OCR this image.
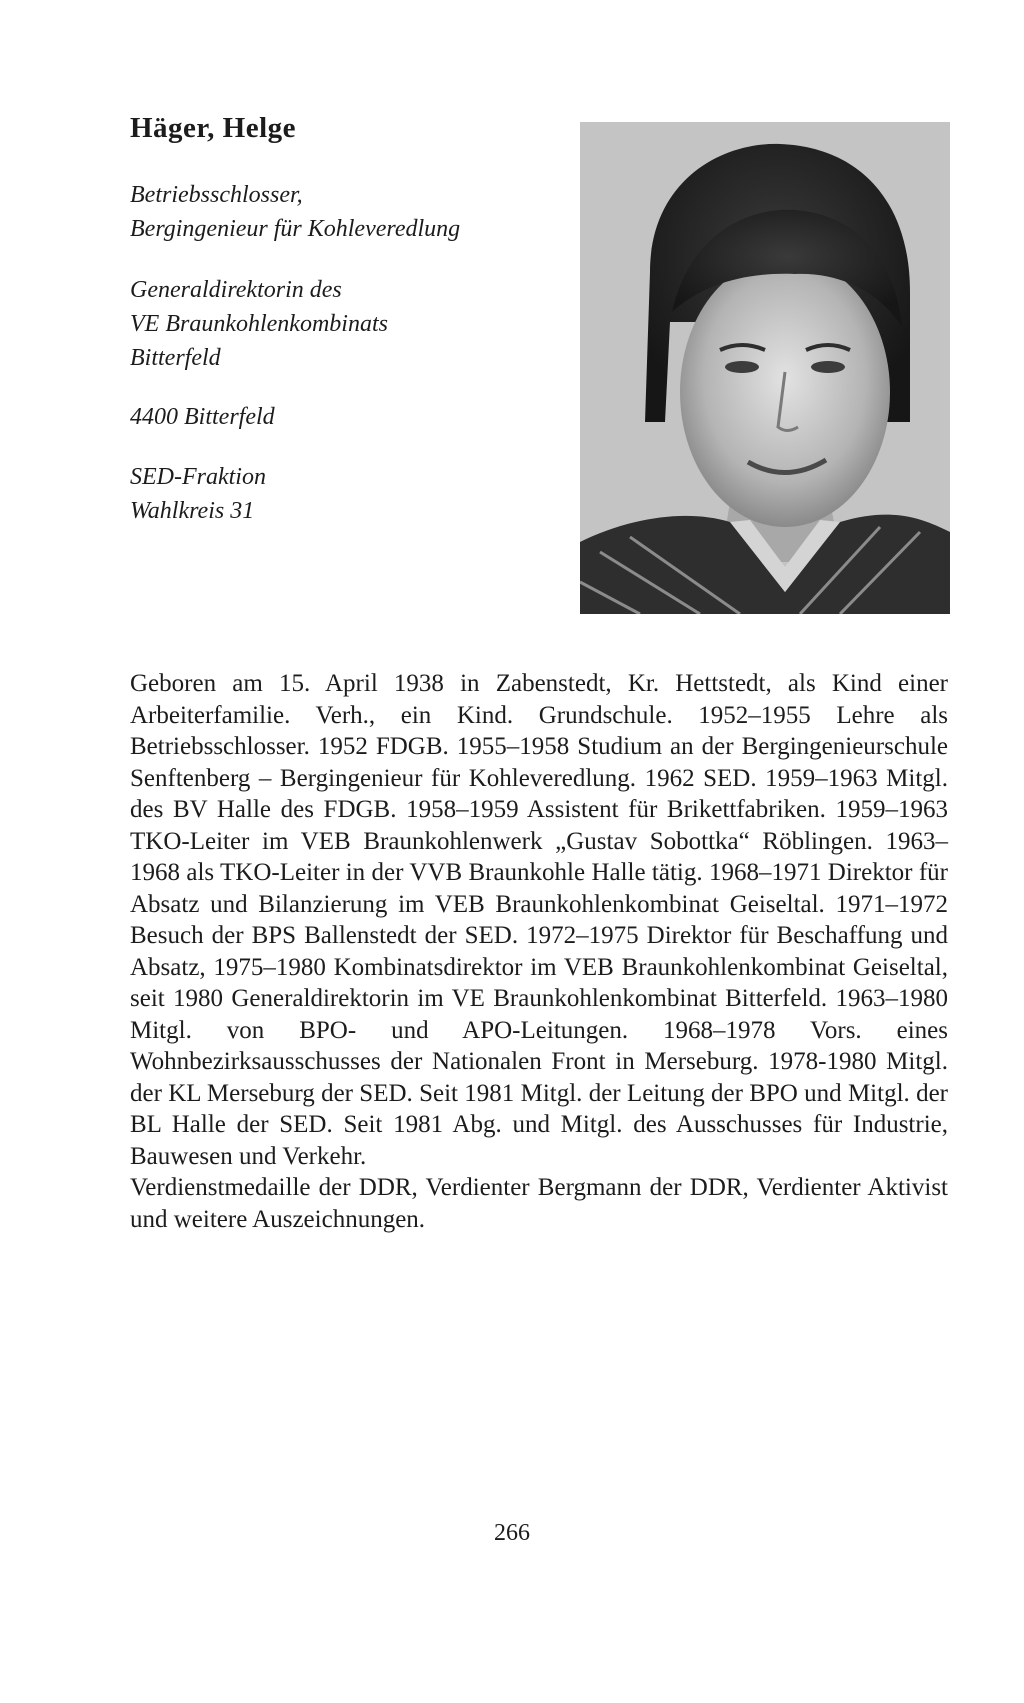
Häger, Helge
Betriebsschlosser,
Bergingenieur für Kohleveredlung
Generaldirektorin des
VE Braunkohlenkombinats
Bitterfeld
4400 Bitterfeld
SED-Fraktion
Wahlkreis 31

Geboren am 15. April 1938 in Zabenstedt, Kr. Hettstedt, als Kind einer Arbeiterfamilie. Verh., ein Kind. Grundschule. 1952–1955 Lehre als Betriebsschlosser. 1952 FDGB. 1955–1958 Studium an der Bergingenieurschule Senftenberg – Bergingenieur für Kohleveredlung. 1962 SED. 1959–1963 Mitgl. des BV Halle des FDGB. 1958–1959 Assistent für Brikettfabriken. 1959–1963 TKO-Leiter im VEB Braunkohlenwerk „Gustav Sobottka“ Röblingen. 1963–1968 als TKO-Leiter in der VVB Braunkohle Halle tätig. 1968–1971 Direktor für Absatz und Bilanzierung im VEB Braunkohlenkombinat Geiseltal. 1971–1972 Besuch der BPS Ballenstedt der SED. 1972–1975 Direktor für Beschaffung und Absatz, 1975–1980 Kombinatsdirektor im VEB Braunkohlenkombinat Geiseltal, seit 1980 Generaldirektorin im VE Braunkohlenkombinat Bitterfeld. 1963–1980 Mitgl. von BPO- und APO-Leitungen. 1968–1978 Vors. eines Wohnbezirksausschusses der Nationalen Front in Merseburg. 1978-1980 Mitgl. der KL Merseburg der SED. Seit 1981 Mitgl. der Leitung der BPO und Mitgl. der BL Halle der SED. Seit 1981 Abg. und Mitgl. des Ausschusses für Industrie, Bauwesen und Verkehr.

Verdienstmedaille der DDR, Verdienter Bergmann der DDR, Verdienter Aktivist und weitere Auszeichnungen.

266
